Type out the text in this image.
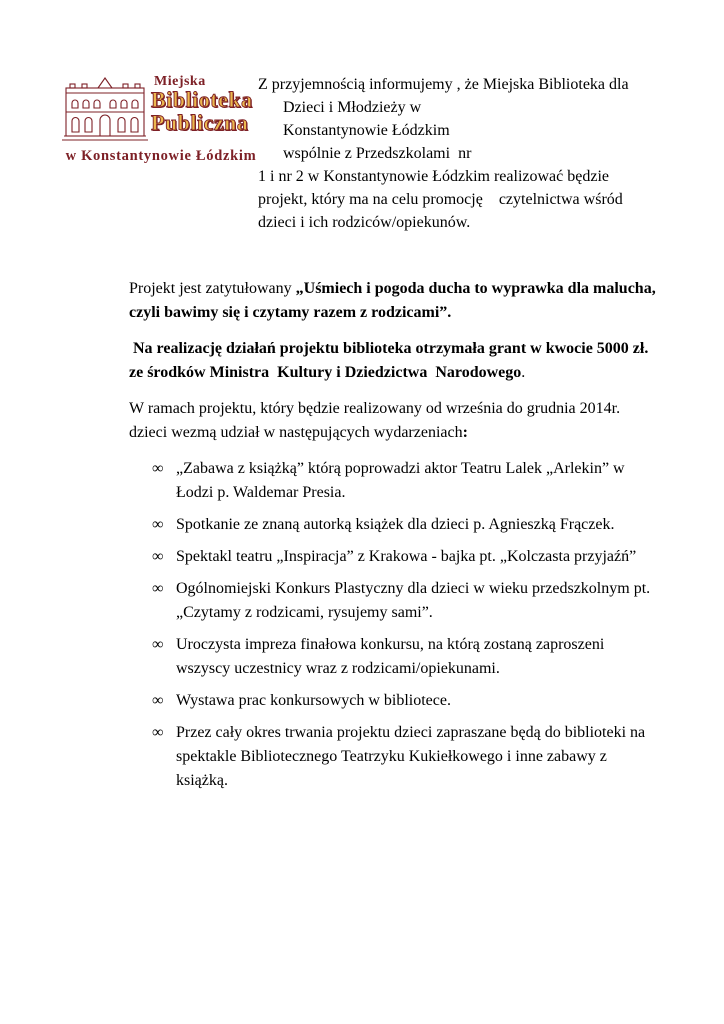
Miejska
Biblioteka
Publiczna
w Konstantynowie Łódzkim
Z przyjemnością informujemy , że Miejska Biblioteka dla
Dzieci i Młodzieży w
Konstantynowie Łódzkim
wspólnie z Przedszkolami  nr
1 i nr 2 w Konstantynowie Łódzkim realizować będzie
projekt, który ma na celu promocję    czytelnictwa wśród
dzieci i ich rodziców/opiekunów.

Projekt jest zatytułowany „Uśmiech i pogoda ducha to wyprawka dla malucha, czyli bawimy się i czytamy razem z rodzicami”.

Na realizację działań projektu biblioteka otrzymała grant w kwocie 5000 zł. ze środków Ministra  Kultury i Dziedzictwa  Narodowego.

W ramach projektu, który będzie realizowany od września do grudnia 2014r. dzieci wezmą udział w następujących wydarzeniach:

∞ „Zabawa z książką” którą poprowadzi aktor Teatru Lalek „Arlekin” w Łodzi p. Waldemar Presia.
∞ Spotkanie ze znaną autorką książek dla dzieci p. Agnieszką Frączek.
∞ Spektakl teatru „Inspiracja” z Krakowa - bajka pt. „Kolczasta przyjaźń”
∞ Ogólnomiejski Konkurs Plastyczny dla dzieci w wieku przedszkolnym pt. „Czytamy z rodzicami, rysujemy sami”.
∞ Uroczysta impreza finałowa konkursu, na którą zostaną zaproszeni wszyscy uczestnicy wraz z rodzicami/opiekunami.
∞ Wystawa prac konkursowych w bibliotece.
∞ Przez cały okres trwania projektu dzieci zapraszane będą do biblioteki na spektakle Bibliotecznego Teatrzyku Kukiełkowego i inne zabawy z książką.
